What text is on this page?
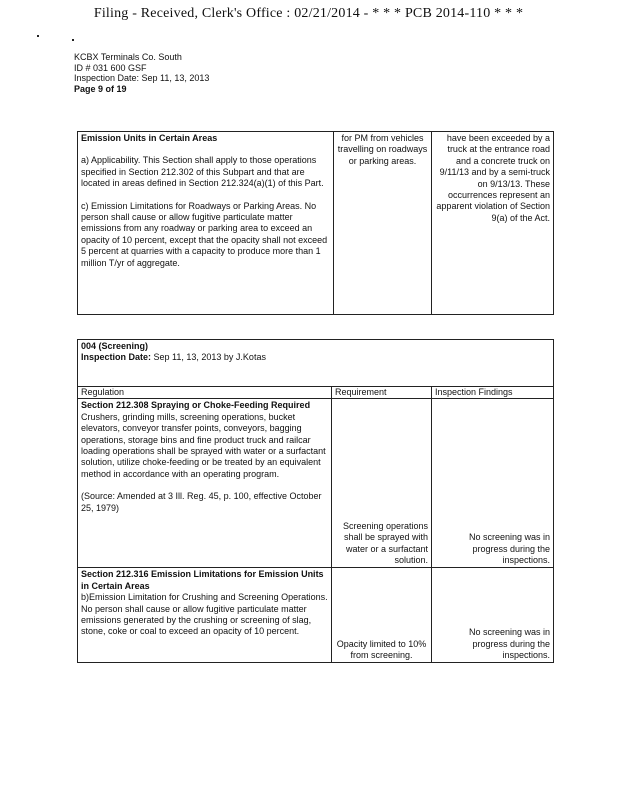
Filing - Received, Clerk's Office : 02/21/2014 - * * * PCB 2014-110 * * *
KCBX Terminals Co. South
ID # 031 600 GSF
Inspection Date: Sep 11, 13, 2013
Page 9 of 19
Emission Units in Certain Areas

a) Applicability. This Section shall apply to those operations specified in Section 212.302 of this Subpart and that are located in areas defined in Section 212.324(a)(1) of this Part.

c) Emission Limitations for Roadways or Parking Areas. No person shall cause or allow fugitive particulate matter emissions from any roadway or parking area to exceed an opacity of 10 percent, except that the opacity shall not exceed 5 percent at quarries with a capacity to produce more than 1 million T/yr of aggregate.

	for PM from vehicles travelling on roadways or parking areas.	have been exceeded by a truck at the entrance road and a concrete truck on 9/11/13 and by a semi-truck on 9/13/13. These occurrences represent an apparent violation of Section 9(a) of the Act.
004 (Screening)
Inspection Date: Sep 11, 13, 2013 by J.Kotas		

Regulation	Requirement	Inspection Findings

Section 212.308 Spraying or Choke-Feeding Required

Crushers, grinding mills, screening operations, bucket elevators, conveyor transfer points, conveyors, bagging operations, storage bins and fine product truck and railcar loading operations shall be sprayed with water or a surfactant solution, utilize choke-feeding or be treated by an equivalent method in accordance with an operating program.

(Source: Amended at 3 Ill. Reg. 45, p. 100, effective October 25, 1979)	Screening operations shall be sprayed with water or a surfactant solution.	No screening was in progress during the inspections.

Section 212.316 Emission Limitations for Emission Units in Certain Areas

b)Emission Limitation for Crushing and Screening Operations. No person shall cause or allow fugitive particulate matter emissions generated by the crushing or screening of slag, stone, coke or coal to exceed an opacity of 10 percent.	Opacity limited to 10% from screening.	No screening was in progress during the inspections.
